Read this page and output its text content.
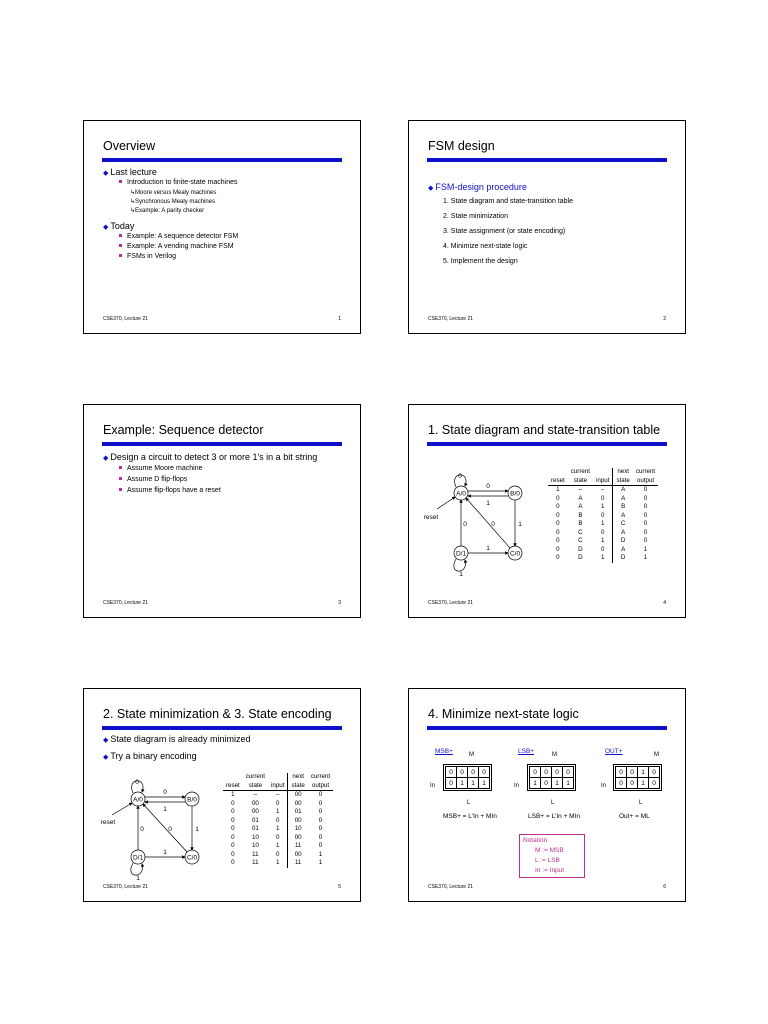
Overview
◆ Last lecture
Introduction to finite-state machines
↳Moore versus Mealy machines
↳Synchronous Mealy machines
↳Example: A parity checker
◆ Today
Example: A sequence detector FSM
Example: A vending machine FSM
FSMs in Verilog
CSE370, Lecture 21	1
FSM design
◆ FSM-design procedure
1. State diagram and state-transition table
2. State minimization
3. State assignment (or state encoding)
4. Minimize next-state logic
5. Implement the design
CSE370, Lecture 21	2
Example: Sequence detector
◆ Design a circuit to detect 3 or more 1's in a bit string
Assume Moore machine
Assume D flip-flops
Assume flip-flops have a reset
CSE370, Lecture 21	3
1. State diagram and state-transition table
A/0	B/0
C/0
D/1
reset
0
0
1
0	0	1
1
1
	current		next	current
reset	state	input	state	output
1	–	–	A	0
0	A	0	A	0
0	A	1	B	0
0	B	0	A	0
0	B	1	C	0
0	C	0	A	0
0	C	1	D	0
0	D	0	A	1
0	D	1	D	1
CSE370, Lecture 21	4
2. State minimization & 3. State encoding
◆ State diagram is already minimized
◆ Try a binary encoding
A/0	B/0
C/0
D/1
reset
0
0
1
0	0	1
1
1
	current		next	current
reset	state	input	state	output
1	–	–	00	0
0	00	0	00	0
0	00	1	01	0
0	01	0	00	0
0	01	1	10	0
0	10	0	00	0
0	10	1	11	0
0	11	0	00	1
0	11	1	11	1
CSE370, Lecture 21	5
4. Minimize next-state logic
MSB+	M
0	0	0	0
0	1	1	1
In
L
MSB+ = L'In + MIn
LSB+	M
0	0	0	0
1	0	1	1
In
L
LSB+ = L'In + MIn
OUT+	M
0	0	1	0
0	0	1	0
In
L
Out+ = ML
Notation
M := MSB
L := LSB
In := Input
CSE370, Lecture 21	6
